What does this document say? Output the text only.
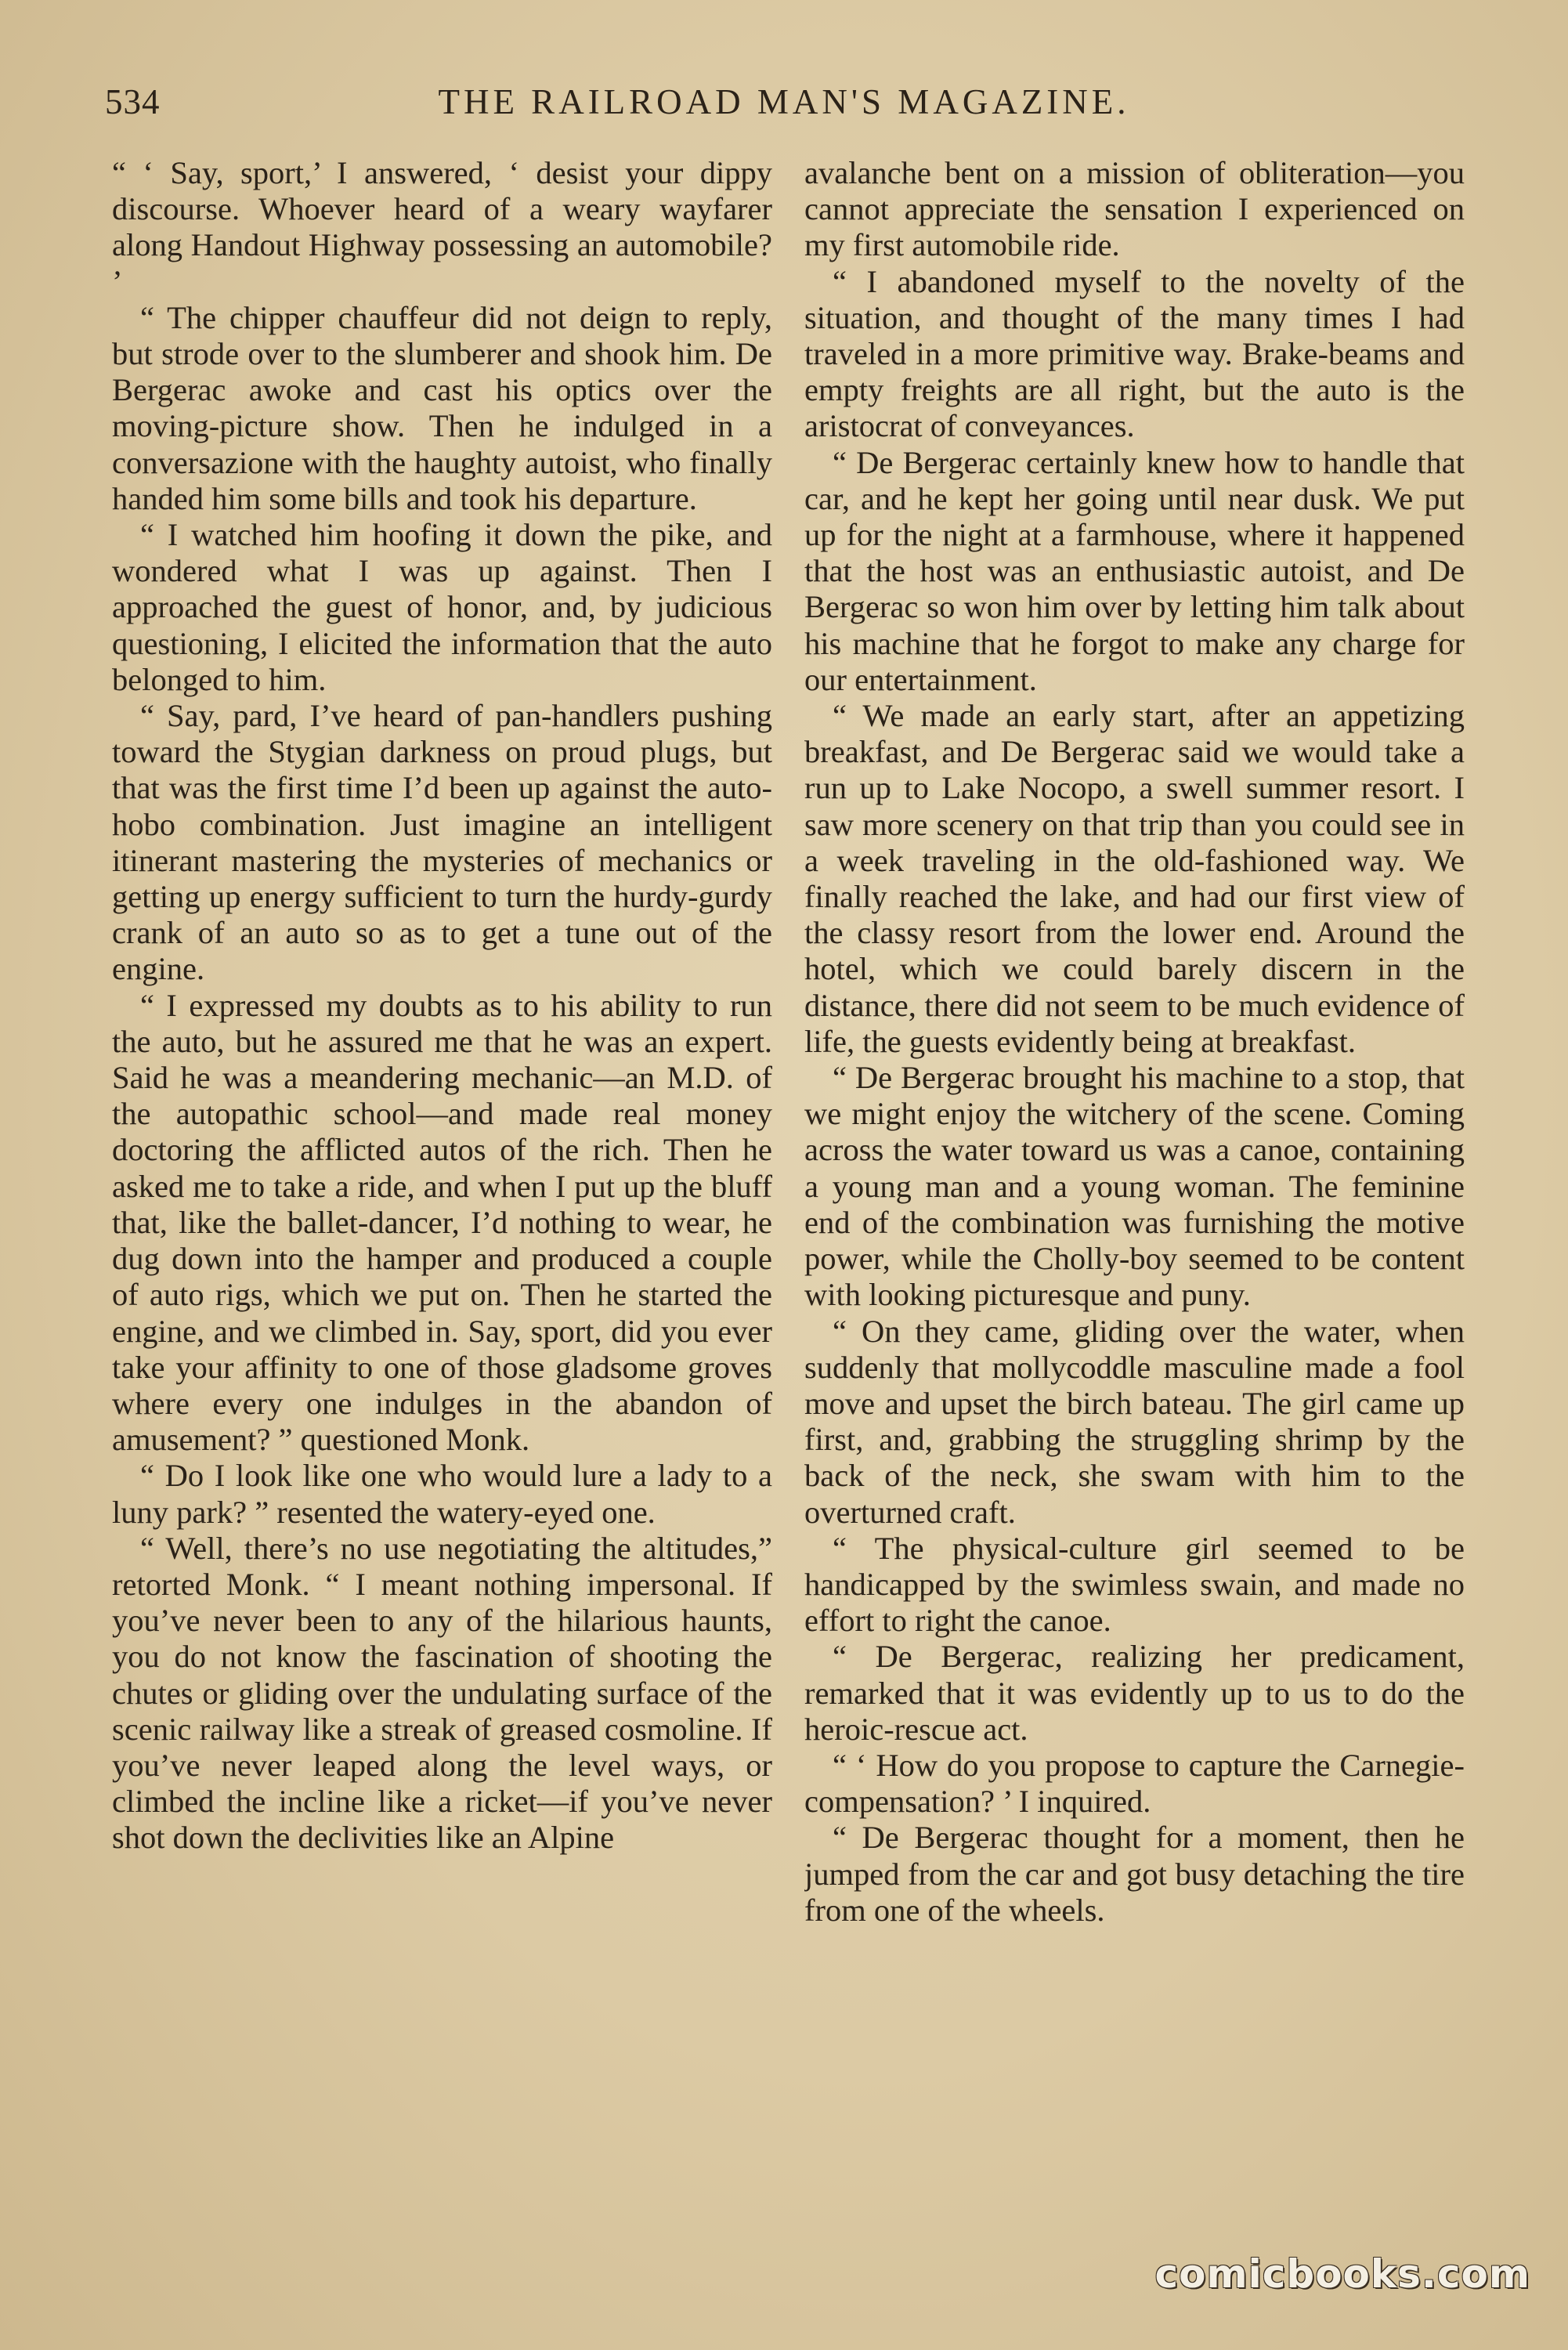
534	THE RAILROAD MAN'S MAGAZINE.

“ ‘ Say, sport,’ I answered, ‘ desist your dippy discourse. Whoever heard of a weary wayfarer along Handout Highway possessing an automobile? ’

“ The chipper chauffeur did not deign to reply, but strode over to the slumberer and shook him. De Bergerac awoke and cast his optics over the moving-picture show. Then he indulged in a conversazione with the haughty autoist, who finally handed him some bills and took his departure.

“ I watched him hoofing it down the pike, and wondered what I was up against. Then I approached the guest of honor, and, by judicious questioning, I elicited the information that the auto belonged to him.

“ Say, pard, I’ve heard of pan-handlers pushing toward the Stygian darkness on proud plugs, but that was the first time I’d been up against the auto-hobo combination. Just imagine an intelligent itinerant mastering the mysteries of mechanics or getting up energy sufficient to turn the hurdy-gurdy crank of an auto so as to get a tune out of the engine.

“ I expressed my doubts as to his ability to run the auto, but he assured me that he was an expert. Said he was a meandering mechanic—an M.D. of the autopathic school—and made real money doctoring the afflicted autos of the rich. Then he asked me to take a ride, and when I put up the bluff that, like the ballet-dancer, I’d nothing to wear, he dug down into the hamper and produced a couple of auto rigs, which we put on. Then he started the engine, and we climbed in. Say, sport, did you ever take your affinity to one of those gladsome groves where every one indulges in the abandon of amusement? ” questioned Monk.

“ Do I look like one who would lure a lady to a luny park? ” resented the watery-eyed one.

“ Well, there’s no use negotiating the altitudes,” retorted Monk. “ I meant nothing impersonal. If you’ve never been to any of the hilarious haunts, you do not know the fascination of shooting the chutes or gliding over the undulating surface of the scenic railway like a streak of greased cosmoline. If you’ve never leaped along the level ways, or climbed the incline like a ricket—if you’ve never shot down the declivities like an Alpine

avalanche bent on a mission of obliteration—you cannot appreciate the sensation I experienced on my first automobile ride.

“ I abandoned myself to the novelty of the situation, and thought of the many times I had traveled in a more primitive way. Brake-beams and empty freights are all right, but the auto is the aristocrat of conveyances.

“ De Bergerac certainly knew how to handle that car, and he kept her going until near dusk. We put up for the night at a farmhouse, where it happened that the host was an enthusiastic autoist, and De Bergerac so won him over by letting him talk about his machine that he forgot to make any charge for our entertainment.

“ We made an early start, after an appetizing breakfast, and De Bergerac said we would take a run up to Lake Nocopo, a swell summer resort. I saw more scenery on that trip than you could see in a week traveling in the old-fashioned way. We finally reached the lake, and had our first view of the classy resort from the lower end. Around the hotel, which we could barely discern in the distance, there did not seem to be much evidence of life, the guests evidently being at breakfast.

“ De Bergerac brought his machine to a stop, that we might enjoy the witchery of the scene. Coming across the water toward us was a canoe, containing a young man and a young woman. The feminine end of the combination was furnishing the motive power, while the Cholly-boy seemed to be content with looking picturesque and puny.

“ On they came, gliding over the water, when suddenly that mollycoddle masculine made a fool move and upset the birch bateau. The girl came up first, and, grabbing the struggling shrimp by the back of the neck, she swam with him to the overturned craft.

“ The physical-culture girl seemed to be handicapped by the swimless swain, and made no effort to right the canoe.

“ De Bergerac, realizing her predicament, remarked that it was evidently up to us to do the heroic-rescue act.

“ ‘ How do you propose to capture the Carnegie-compensation? ’ I inquired.

“ De Bergerac thought for a moment, then he jumped from the car and got busy detaching the tire from one of the wheels.

comicbooks.com
